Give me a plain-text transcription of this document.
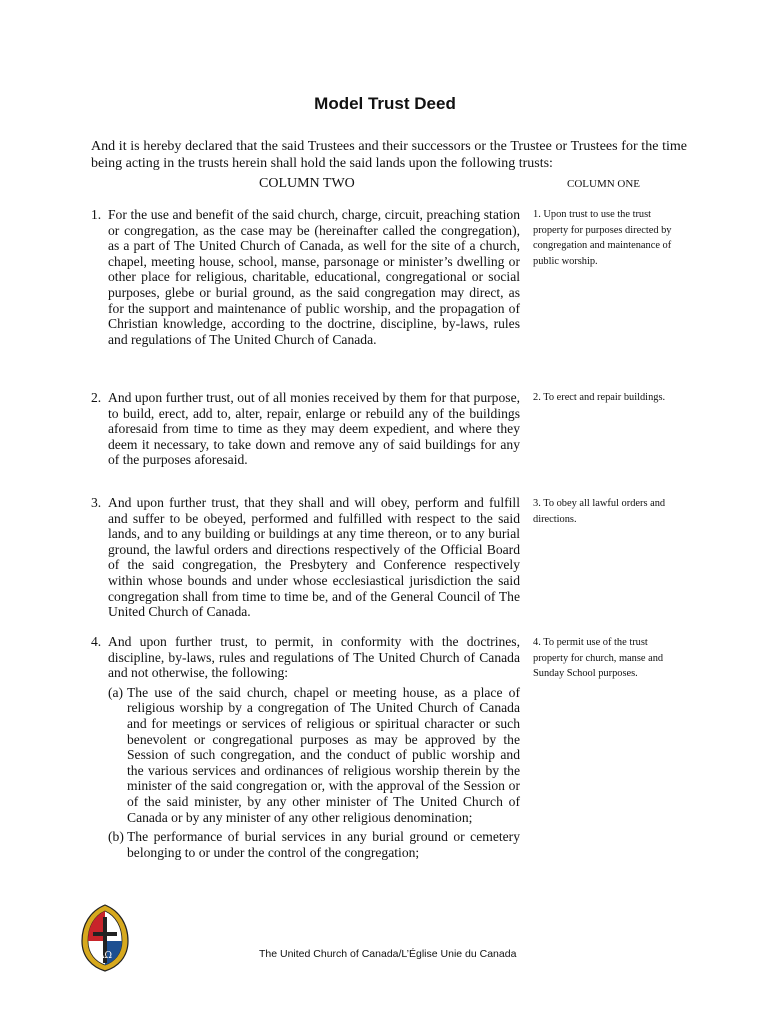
Model Trust Deed
And it is hereby declared that the said Trustees and their successors or the Trustee or Trustees for the time being acting in the trusts herein shall hold the said lands upon the following trusts:
COLUMN TWO	COLUMN ONE
1. For the use and benefit of the said church, charge, circuit, preaching station or congregation, as the case may be (hereinafter called the congregation), as a part of The United Church of Canada, as well for the site of a church, chapel, meeting house, school, manse, parsonage or minister’s dwelling or other place for religious, charitable, educational, congregational or social purposes, glebe or burial ground, as the said congregation may direct, as for the support and maintenance of public worship, and the propagation of Christian knowledge, according to the doctrine, discipline, by-laws, rules and regulations of The United Church of Canada.
1. Upon trust to use the trust property for purposes directed by congregation and maintenance of public worship.
2. And upon further trust, out of all monies received by them for that purpose, to build, erect, add to, alter, repair, enlarge or rebuild any of the buildings aforesaid from time to time as they may deem expedient, and where they deem it necessary, to take down and remove any of said buildings for any of the purposes aforesaid.
2. To erect and repair buildings.
3. And upon further trust, that they shall and will obey, perform and fulfill and suffer to be obeyed, performed and fulfilled with respect to the said lands, and to any building or buildings at any time thereon, or to any burial ground, the lawful orders and directions respectively of the Official Board of the said congregation, the Presbytery and Conference respectively within whose bounds and under whose ecclesiastical jurisdiction the said congregation shall from time to time be, and of the General Council of The United Church of Canada.
3. To obey all lawful orders and directions.
4. And upon further trust, to permit, in conformity with the doctrines, discipline, by-laws, rules and regulations of The United Church of Canada and not otherwise, the following:
(a) The use of the said church, chapel or meeting house, as a place of religious worship by a congregation of The United Church of Canada and for meetings or services of religious or spiritual character or such benevolent or congregational purposes as may be approved by the Session of such congregation, and the conduct of public worship and the various services and ordinances of religious worship therein by the minister of the said congregation or, with the approval of the Session or of the said minister, by any other minister of The United Church of Canada or by any minister of any other religious denomination;
(b) The performance of burial services in any burial ground or cemetery belonging to or under the control of the congregation;
4. To permit use of the trust property for church, manse and Sunday School purposes.
ΑΩ	The United Church of Canada/L’Église Unie du Canada
